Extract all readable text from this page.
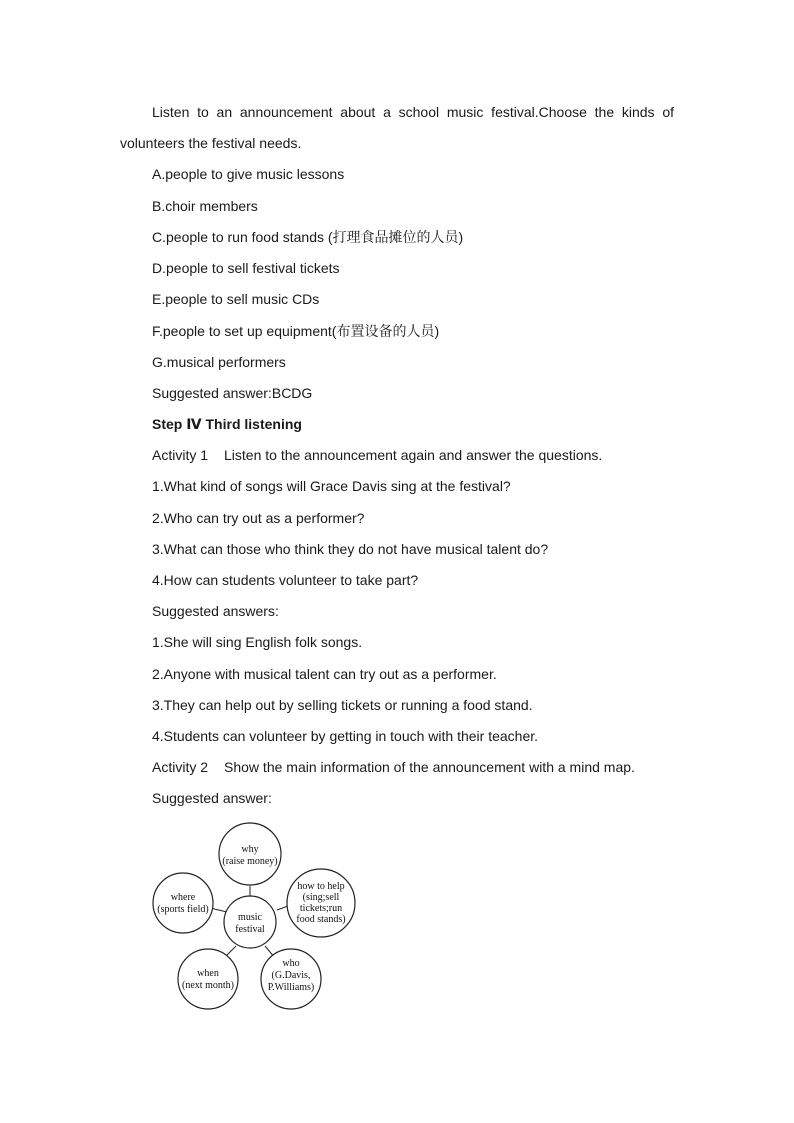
Listen to an announcement about a school music festival.Choose the kinds of
volunteers the festival needs.
A.people to give music lessons
B.choir members
C.people to run food stands (打理食品摊位的人员)
D.people to sell festival tickets
E.people to sell music CDs
F.people to set up equipment(布置设备的人员)
G.musical performers
Suggested answer:BCDG
Step Ⅳ Third listening
Activity 1 Listen to the announcement again and answer the questions.
1.What kind of songs will Grace Davis sing at the festival?
2.Who can try out as a performer?
3.What can those who think they do not have musical talent do?
4.How can students volunteer to take part?
Suggested answers:
1.She will sing English folk songs.
2.Anyone with musical talent can try out as a performer.
3.They can help out by selling tickets or running a food stand.
4.Students can volunteer by getting in touch with their teacher.
Activity 2 Show the main information of the announcement with a mind map.
Suggested answer:
why
(raise money)
music
festival
how to help
(sing;sell
tickets;run
food stands)
where
(sports field)
when
(next month)
who
(G.Davis,
P.Williams)
